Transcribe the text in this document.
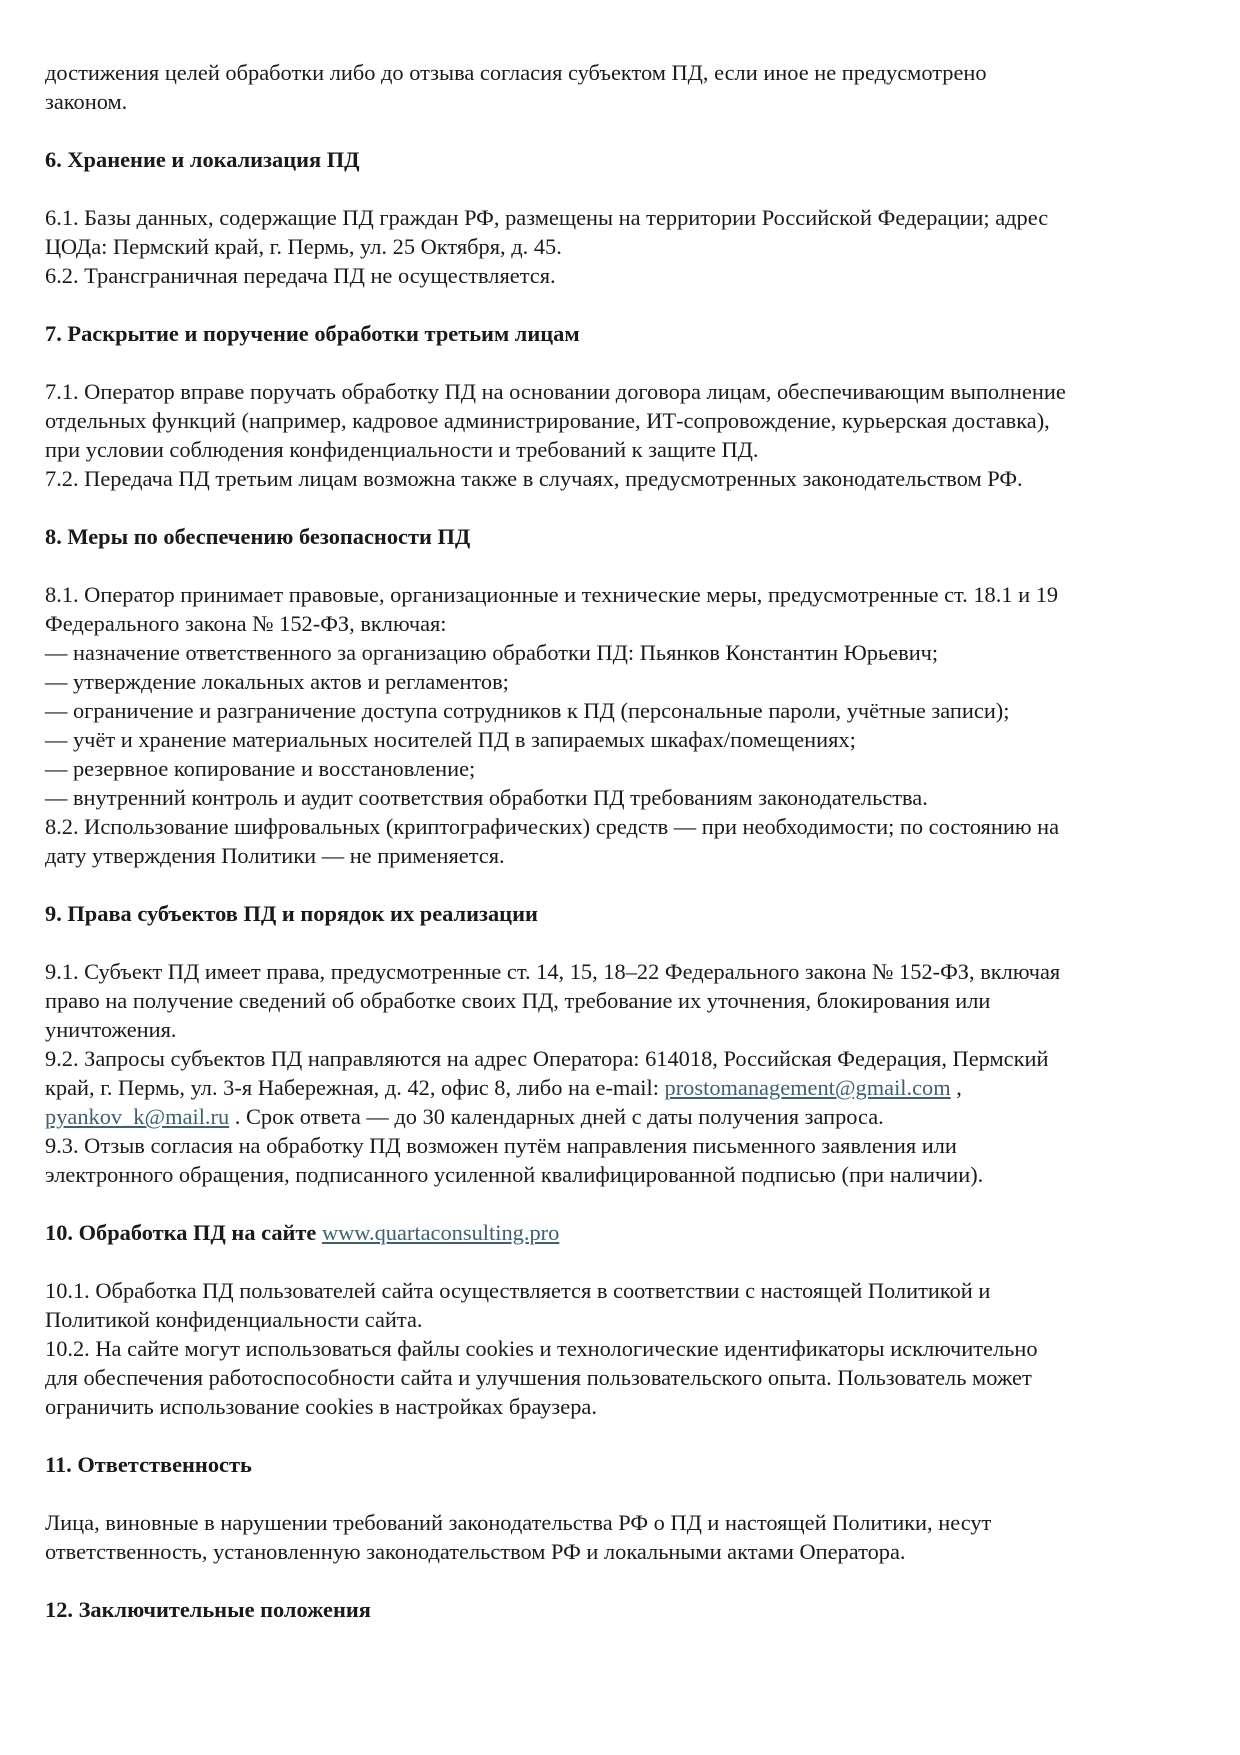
достижения целей обработки либо до отзыва согласия субъектом ПД, если иное не предусмотрено
законом.
6. Хранение и локализация ПД
6.1. Базы данных, содержащие ПД граждан РФ, размещены на территории Российской Федерации; адрес
ЦОДа: Пермский край, г. Пермь, ул. 25 Октября, д. 45.
6.2. Трансграничная передача ПД не осуществляется.
7. Раскрытие и поручение обработки третьим лицам
7.1. Оператор вправе поручать обработку ПД на основании договора лицам, обеспечивающим выполнение
отдельных функций (например, кадровое администрирование, ИТ-сопровождение, курьерская доставка),
при условии соблюдения конфиденциальности и требований к защите ПД.
7.2. Передача ПД третьим лицам возможна также в случаях, предусмотренных законодательством РФ.
8. Меры по обеспечению безопасности ПД
8.1. Оператор принимает правовые, организационные и технические меры, предусмотренные ст. 18.1 и 19
Федерального закона № 152-ФЗ, включая:
— назначение ответственного за организацию обработки ПД: Пьянков Константин Юрьевич;
— утверждение локальных актов и регламентов;
— ограничение и разграничение доступа сотрудников к ПД (персональные пароли, учётные записи);
— учёт и хранение материальных носителей ПД в запираемых шкафах/помещениях;
— резервное копирование и восстановление;
— внутренний контроль и аудит соответствия обработки ПД требованиям законодательства.
8.2. Использование шифровальных (криптографических) средств — при необходимости; по состоянию на
дату утверждения Политики — не применяется.
9. Права субъектов ПД и порядок их реализации
9.1. Субъект ПД имеет права, предусмотренные ст. 14, 15, 18–22 Федерального закона № 152-ФЗ, включая
право на получение сведений об обработке своих ПД, требование их уточнения, блокирования или
уничтожения.
9.2. Запросы субъектов ПД направляются на адрес Оператора: 614018, Российская Федерация, Пермский
край, г. Пермь, ул. 3-я Набережная, д. 42, офис 8, либо на e-mail: prostomanagement@gmail.com ,
pyankov_k@mail.ru . Срок ответа — до 30 календарных дней с даты получения запроса.
9.3. Отзыв согласия на обработку ПД возможен путём направления письменного заявления или
электронного обращения, подписанного усиленной квалифицированной подписью (при наличии).
10. Обработка ПД на сайте www.quartaconsulting.pro
10.1. Обработка ПД пользователей сайта осуществляется в соответствии с настоящей Политикой и
Политикой конфиденциальности сайта.
10.2. На сайте могут использоваться файлы cookies и технологические идентификаторы исключительно
для обеспечения работоспособности сайта и улучшения пользовательского опыта. Пользователь может
ограничить использование cookies в настройках браузера.
11. Ответственность
Лица, виновные в нарушении требований законодательства РФ о ПД и настоящей Политики, несут
ответственность, установленную законодательством РФ и локальными актами Оператора.
12. Заключительные положения
